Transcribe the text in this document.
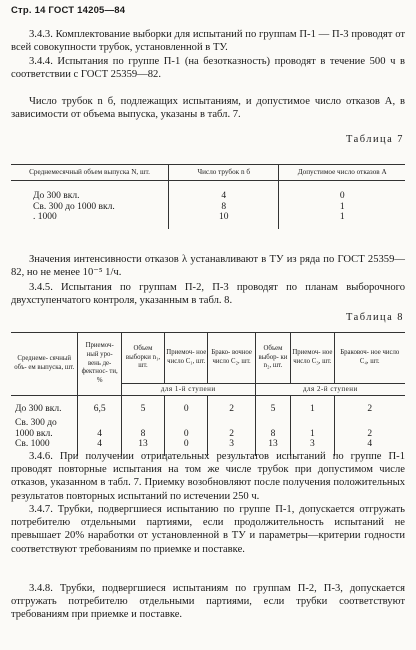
Стр. 14 ГОСТ 14205—84
3.4.3. Комплектование выборки для испытаний по группам П-1 — П-3 проводят от всей совокупности трубок, установленной в ТУ.
3.4.4. Испытания по группе П-1 (на безотказность) проводят в течение 500 ч в соответствии с ГОСТ 25359—82.
Число трубок n б, подлежащих испытаниям, и допустимое число отказов A, в зависимости от объема выпуска, указаны в табл. 7.
Таблица 7
Среднемесячный объем выпуска N, шт.	Число трубок n б	Допустимое число отказов A
До 300 вкл.	4	0
Св. 300 до 1000 вкл.	8	1
. 1000	10	1
Значения интенсивности отказов λ устанавливают в ТУ из ряда по ГОСТ 25359—82, но не менее 10⁻⁵ 1/ч.
3.4.5. Испытания по группам П-2, П-3 проводят по планам выборочного двухступенчатого контроля, указанным в табл. 8.
Таблица 8
Среднеме- сячный объ- ем выпуска, шт.	Приемоч- ный уро- вень де- фектнос- ти, %	Объем выборки n₁, шт.	Приемоч- ное число C₁, шт.	Брако- вочное число C₂, шт.	Объем выбор- ки n₂, шт.	Приемоч- ное число C₃, шт.	Браковоч- ное число C₄, шт.
		для 1-й ступени			для 2-й ступени		
До 300 вкл.	6,5	5	0	2	5	1	2
Св. 300 до 1000 вкл.	4	8	0	2	8	1	2
Св. 1000	4	13	0	3	13	3	4
3.4.6. При получении отрицательных результатов испытаний по группе П-1 проводят повторные испытания на том же числе трубок при допустимом числе отказов, указанном в табл. 7. Приемку возобновляют после получения положительных результатов повторных испытаний по истечении 250 ч.
3.4.7. Трубки, подвергшиеся испытанию по группе П-1, допускается отгружать потребителю отдельными партиями, если продолжительность испытаний не превышает 20% наработки от установленной в ТУ и параметры—критерии годности соответствуют требованиям по приемке и поставке.
3.4.8. Трубки, подвергшиеся испытаниям по группам П-2, П-3, допускается отгружать потребителю отдельными партиями, если трубки соответствуют требованиям при приемке и поставке.
